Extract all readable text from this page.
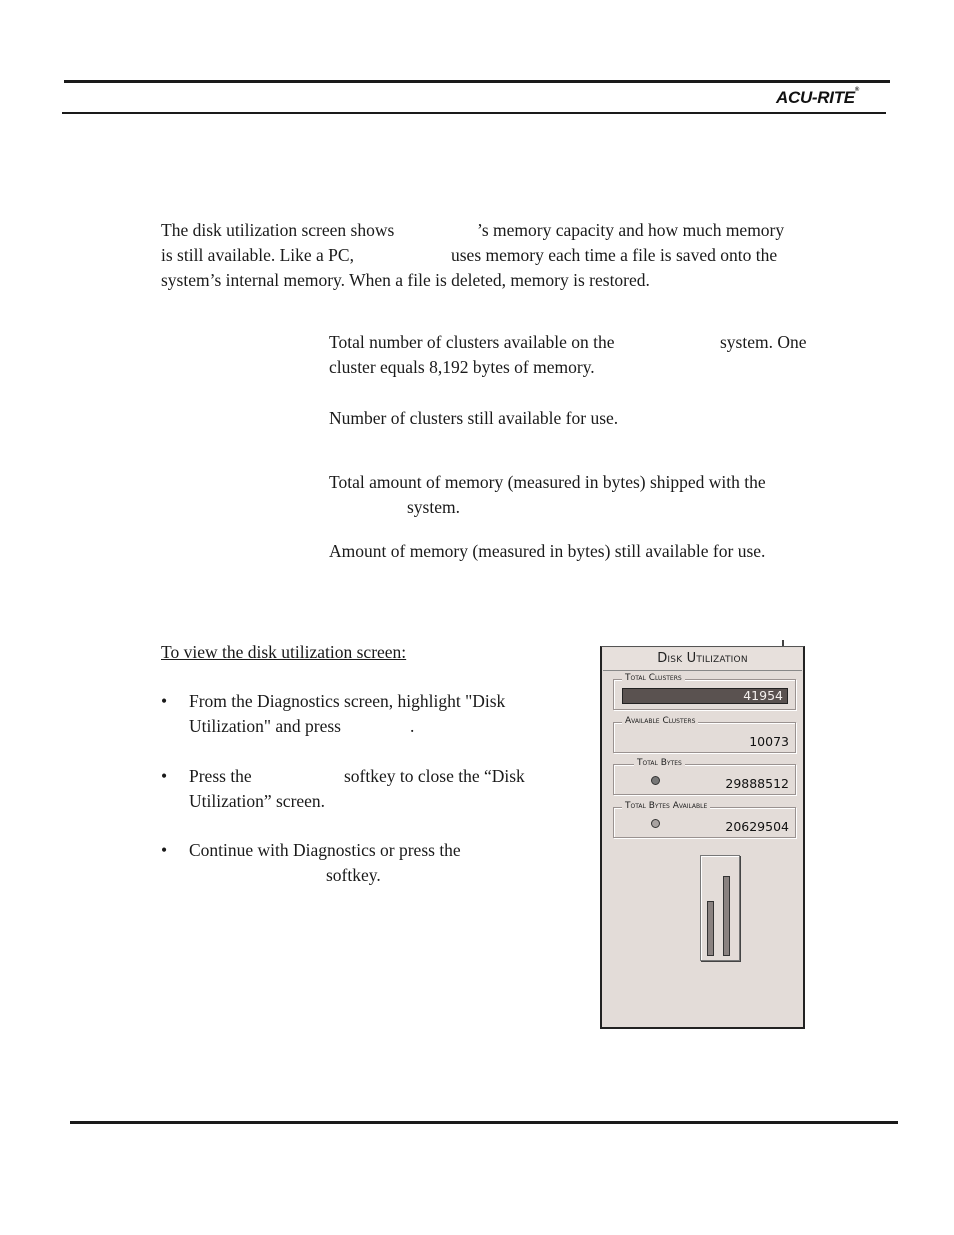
ACU-RITE®

The disk utilization screen shows	’s memory capacity and how much memory

is still available. Like a PC,	uses memory each time a file is saved onto the

system’s internal memory. When a file is deleted, memory is restored.

Total number of clusters available on the	system. One

cluster equals 8,192 bytes of memory.

Number of clusters still available for use.

Total amount of memory (measured in bytes) shipped with the

system.

Amount of memory (measured in bytes) still available for use.

To view the disk utilization screen:

• From the Diagnostics screen, highlight "Disk

Utilization" and press	.

• Press the	softkey to close the “Disk

Utilization” screen.

• Continue with Diagnostics or press the

softkey.

Disk Utilization
Total Clusters
41954
Available Clusters
10073
Total Bytes
29888512
Total Bytes Available
20629504
